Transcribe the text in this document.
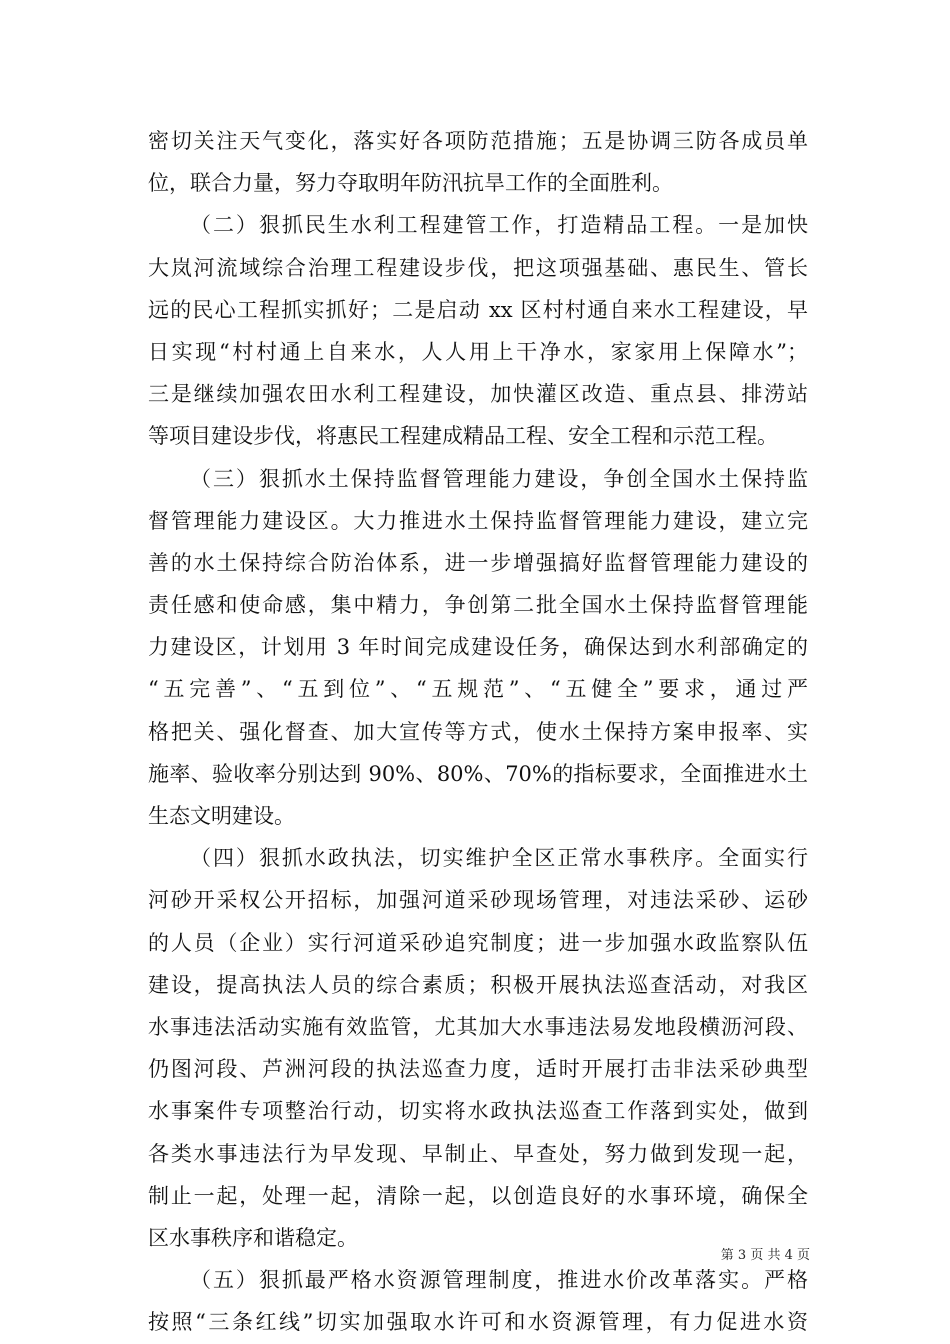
密切关注天气变化，落实好各项防范措施；五是协调三防各成员单
位，联合力量，努力夺取明年防汛抗旱工作的全面胜利。
（二）狠抓民生水利工程建管工作，打造精品工程。一是加快
大岚河流域综合治理工程建设步伐，把这项强基础、惠民生、管长
远的民心工程抓实抓好；二是启动 xx 区村村通自来水工程建设，早
日实现“村村通上自来水，人人用上干净水，家家用上保障水”；
三是继续加强农田水利工程建设，加快灌区改造、重点县、排涝站
等项目建设步伐，将惠民工程建成精品工程、安全工程和示范工程。
（三）狠抓水土保持监督管理能力建设，争创全国水土保持监
督管理能力建设区。大力推进水土保持监督管理能力建设，建立完
善的水土保持综合防治体系，进一步增强搞好监督管理能力建设的
责任感和使命感，集中精力，争创第二批全国水土保持监督管理能
力建设区，计划用 3 年时间完成建设任务，确保达到水利部确定的
“五完善”、“五到位”、“五规范”、“五健全”要求，通过严
格把关、强化督查、加大宣传等方式，使水土保持方案申报率、实
施率、验收率分别达到 90%、80%、70%的指标要求，全面推进水土
生态文明建设。
（四）狠抓水政执法，切实维护全区正常水事秩序。全面实行
河砂开采权公开招标，加强河道采砂现场管理，对违法采砂、运砂
的人员（企业）实行河道采砂追究制度；进一步加强水政监察队伍
建设，提高执法人员的综合素质；积极开展执法巡查活动，对我区
水事违法活动实施有效监管，尤其加大水事违法易发地段横沥河段、
仍图河段、芦洲河段的执法巡查力度，适时开展打击非法采砂典型
水事案件专项整治行动，切实将水政执法巡查工作落到实处，做到
各类水事违法行为早发现、早制止、早查处，努力做到发现一起，
制止一起，处理一起，清除一起，以创造良好的水事环境，确保全
区水事秩序和谐稳定。
（五）狠抓最严格水资源管理制度，推进水价改革落实。严格
按照“三条红线”切实加强取水许可和水资源管理，有力促进水资
第 3 页 共 4 页
